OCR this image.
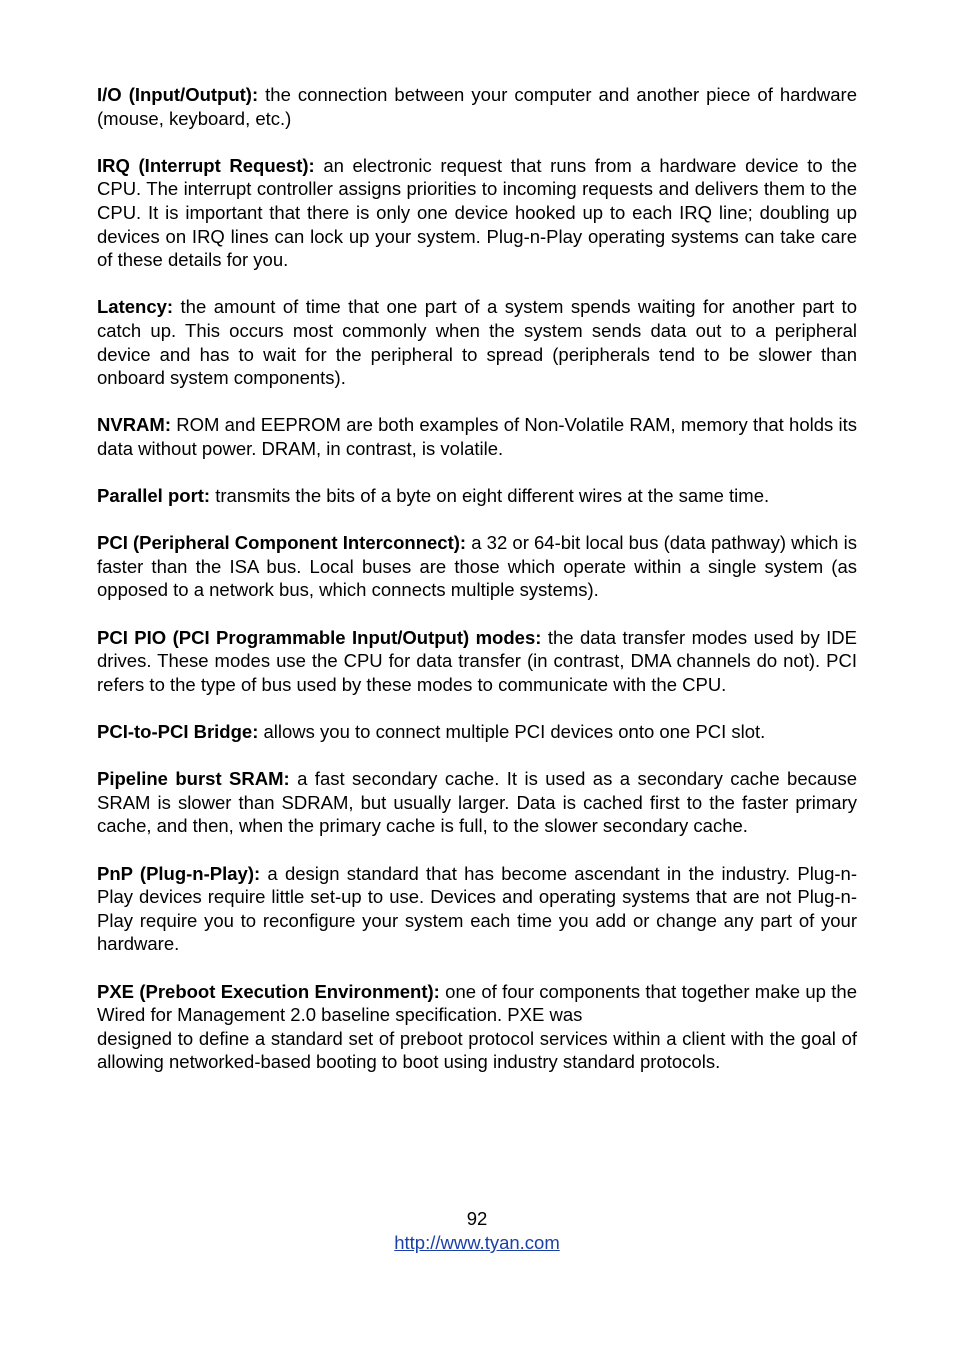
I/O (Input/Output): the connection between your computer and another piece of hardware (mouse, keyboard, etc.)

IRQ (Interrupt Request): an electronic request that runs from a hardware device to the CPU. The interrupt controller assigns priorities to incoming requests and delivers them to the CPU. It is important that there is only one device hooked up to each IRQ line; doubling up devices on IRQ lines can lock up your system. Plug-n-Play operating systems can take care of these details for you.

Latency: the amount of time that one part of a system spends waiting for another part to catch up. This occurs most commonly when the system sends data out to a peripheral device and has to wait for the peripheral to spread (peripherals tend to be slower than onboard system components).

NVRAM: ROM and EEPROM are both examples of Non-Volatile RAM, memory that holds its data without power. DRAM, in contrast, is volatile.

Parallel port: transmits the bits of a byte on eight different wires at the same time.

PCI (Peripheral Component Interconnect): a 32 or 64-bit local bus (data pathway) which is faster than the ISA bus. Local buses are those which operate within a single system (as opposed to a network bus, which connects multiple systems).

PCI PIO (PCI Programmable Input/Output) modes: the data transfer modes used by IDE drives. These modes use the CPU for data transfer (in contrast, DMA channels do not). PCI refers to the type of bus used by these modes to communicate with the CPU.

PCI-to-PCI Bridge: allows you to connect multiple PCI devices onto one PCI slot.

Pipeline burst SRAM: a fast secondary cache. It is used as a secondary cache because SRAM is slower than SDRAM, but usually larger. Data is cached first to the faster primary cache, and then, when the primary cache is full, to the slower secondary cache.

PnP (Plug-n-Play): a design standard that has become ascendant in the industry. Plug-n-Play devices require little set-up to use. Devices and operating systems that are not Plug-n-Play require you to reconfigure your system each time you add or change any part of your hardware.

PXE (Preboot Execution Environment): one of four components that together make up the Wired for Management 2.0 baseline specification. PXE was
designed to define a standard set of preboot protocol services within a client with the goal of allowing networked-based booting to boot using industry standard protocols.

92
http://www.tyan.com
